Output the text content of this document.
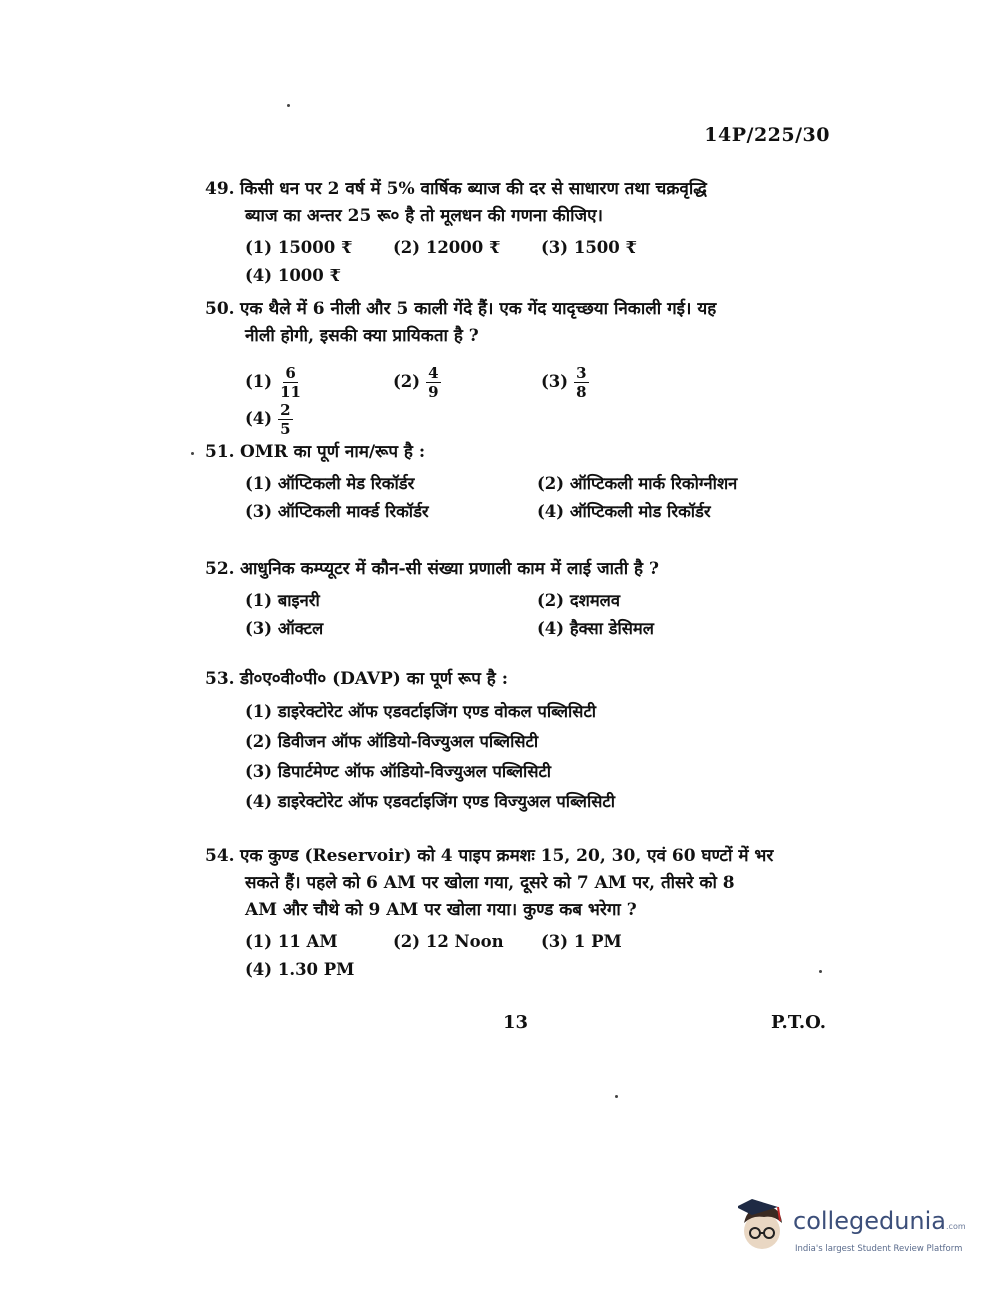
14P/225/30
49. किसी धन पर 2 वर्ष में 5% वार्षिक ब्याज की दर से साधारण तथा चक्रवृद्धि
ब्याज का अन्तर 25 रू० है तो मूलधन की गणना कीजिए।
(1) 15000 ₹ (2) 12000 ₹ (3) 1500 ₹(4) 1000 ₹
50. एक थैले में 6 नीली और 5 काली गेंदे हैं। एक गेंद यादृच्छया निकाली गई। यह
नीली होगी, इसकी क्या प्रायिकता है ?
$(1) \frac{6}{11}$	$(2) \frac{4}{9}$	$(3) \frac{3}{8}$
$(4) \frac{2}{5}$
51. OMR का पूर्ण नाम/रूप है :
(1) ऑप्टिकली मेड रिकॉर्डर	(2) ऑप्टिकली मार्क रिकोग्नीशन
(3) ऑप्टिकली मार्क्ड रिकॉर्डर	(4) ऑप्टिकली मोड रिकॉर्डर
52. आधुनिक कम्प्यूटर में कौन-सी संख्या प्रणाली काम में लाई जाती है ?
(1) बाइनरी	(2) दशमलव
(3) ऑक्टल	(4) हैक्सा डेसिमल
53. डी०ए०वी०पी० (DAVP) का पूर्ण रूप है :
(1) डाइरेक्टोरेट ऑफ एडवर्टाइजिंग एण्ड वोकल पब्लिसिटी
(2) डिवीजन ऑफ ऑडियो-विज्युअल पब्लिसिटी
(3) डिपार्टमेण्ट ऑफ ऑडियो-विज्युअल पब्लिसिटी
(4) डाइरेक्टोरेट ऑफ एडवर्टाइजिंग एण्ड विज्युअल पब्लिसिटी
54. एक कुण्ड (Reservoir) को 4 पाइप क्रमशः 15, 20, 30, एवं 60 घण्टों में भर
सकते हैं। पहले को 6 AM पर खोला गया, दूसरे को 7 AM पर, तीसरे को 8
AM और चौथे को 9 AM पर खोला गया। कुण्ड कब भरेगा ?
(1) 11 AM	(2) 12 Noon (3) 1 PM(4) 1.30 PM
13	P.T.O.
collegedunia.com
India's largest Student Review Platform
